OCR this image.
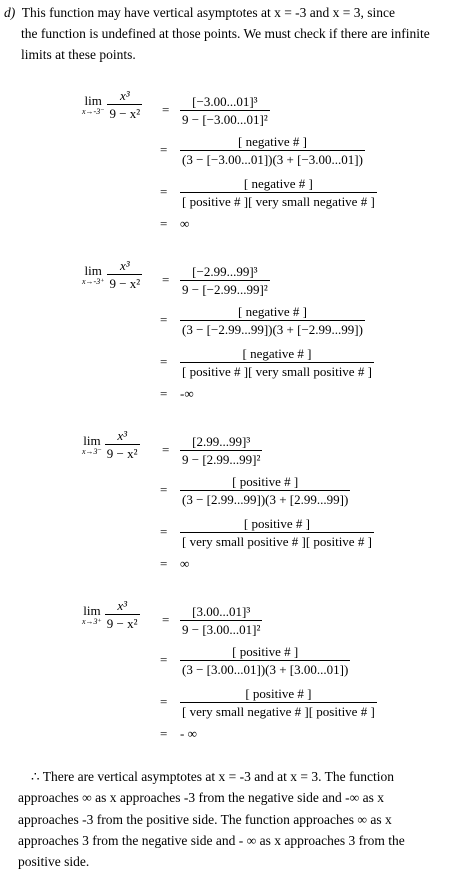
d) This function may have vertical asymptotes at x = -3 and x = 3, since
the function is undefined at those points. We must check if there are infinite
limits at these points.
lim
$x\to-3^- \frac{\text{x³}}{\text{9 − x²}} = \frac{\text{[−3.00...01]³}}{\text{9 − [−3.00...01]²}}$
= $\frac{\text{[ negative \# ]}}{(3 - [-3.00...01])(3 + [-3.00...01])}$
= $\frac{\text{[ negative \# ]}}{\text{[ positive \# ][ very small negative \# ]}}$
= ∞
lim
$x\to-3^+ \frac{\text{x³}}{\text{9 − x²}} = \frac{\text{[−2.99...99]³}}{\text{9 − [−2.99...99]²}}$
= $\frac{\text{[ negative \# ]}}{(3 - [-2.99...99])(3 + [-2.99...99])}$
= $\frac{\text{[ negative \# ]}}{\text{[ positive \# ][ very small positive \# ]}}$
= -∞
lim
$x\to 3^- \frac{\text{x³}}{\text{9 − x²}} = \frac{\text{[2.99...99]³}}{\text{9 − [2.99...99]²}}$
= $\frac{\text{[ positive \# ]}}{(3 - [2.99...99])(3 + [2.99...99])}$
= $\frac{\text{[ positive \# ]}}{\text{[ very small positive \# ][ positive \# ]}}$
= ∞
lim
$x\to 3^+ \frac{\text{x³}}{\text{9 − x²}} = \frac{\text{[3.00...01]³}}{\text{9 − [3.00...01]²}}$
= $\frac{\text{[ positive \# ]}}{(3 - [3.00...01])(3 + [3.00...01])}$
= $\frac{\text{[ positive \# ]}}{\text{[ very small negative \# ][ positive \# ]}}$
= - ∞
∴ There are vertical asymptotes at x = -3 and at x = 3. The function
approaches ∞ as x approaches -3 from the negative side and -∞ as x
approaches -3 from the positive side. The function approaches ∞ as x
approaches 3 from the negative side and - ∞ as x approaches 3 from the
positive side.
